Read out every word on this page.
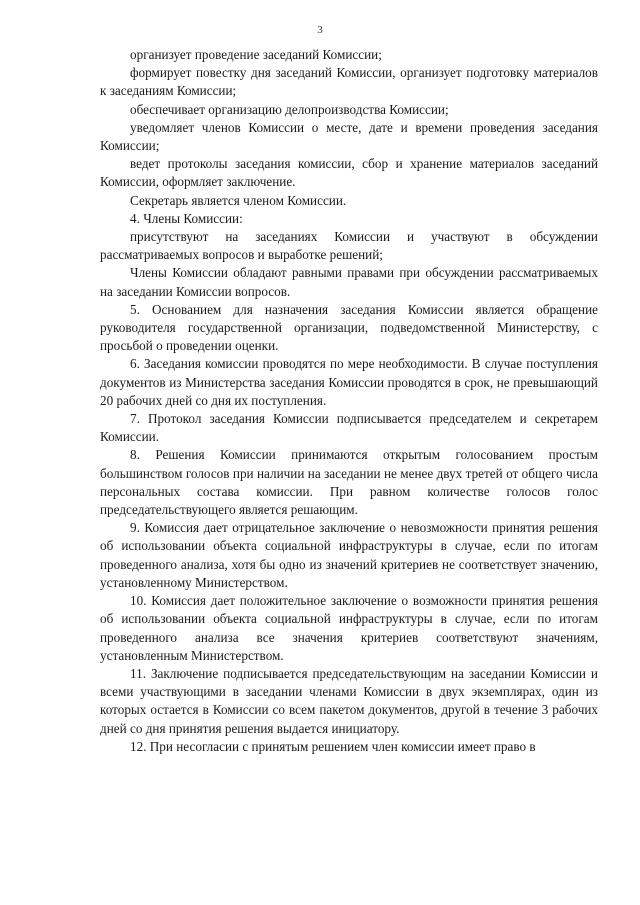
3

организует проведение заседаний Комиссии;

формирует повестку дня заседаний Комиссии, организует подготовку материалов к заседаниям Комиссии;

обеспечивает организацию делопроизводства Комиссии;

уведомляет членов Комиссии о месте, дате и времени проведения заседания Комиссии;

ведет протоколы заседания комиссии, сбор и хранение материалов заседаний Комиссии, оформляет заключение.

Секретарь является членом Комиссии.

4. Члены Комиссии:

присутствуют на заседаниях Комиссии и участвуют в обсуждении рассматриваемых вопросов и выработке решений;

Члены Комиссии обладают равными правами при обсуждении рассматриваемых на заседании Комиссии вопросов.

5. Основанием для назначения заседания Комиссии является обращение руководителя государственной организации, подведомственной Министерству, с просьбой о проведении оценки.

6. Заседания комиссии проводятся по мере необходимости. В случае поступления документов из Министерства заседания Комиссии проводятся в срок, не превышающий 20 рабочих дней со дня их поступления.

7. Протокол заседания Комиссии подписывается председателем и секретарем Комиссии.

8. Решения Комиссии принимаются открытым голосованием простым большинством голосов при наличии на заседании не менее двух третей от общего числа персональных состава комиссии. При равном количестве голосов голос председательствующего является решающим.

9. Комиссия дает отрицательное заключение о невозможности принятия решения об использовании объекта социальной инфраструктуры в случае, если по итогам проведенного анализа, хотя бы одно из значений критериев не соответствует значению, установленному Министерством.

10. Комиссия дает положительное заключение о возможности принятия решения об использовании объекта социальной инфраструктуры в случае, если по итогам проведенного анализа все значения критериев соответствуют значениям, установленным Министерством.

11. Заключение подписывается председательствующим на заседании Комиссии и всеми участвующими в заседании членами Комиссии в двух экземплярах, один из которых остается в Комиссии со всем пакетом документов, другой в течение 3 рабочих дней со дня принятия решения выдается инициатору.

12. При несогласии с принятым решением член комиссии имеет право в
